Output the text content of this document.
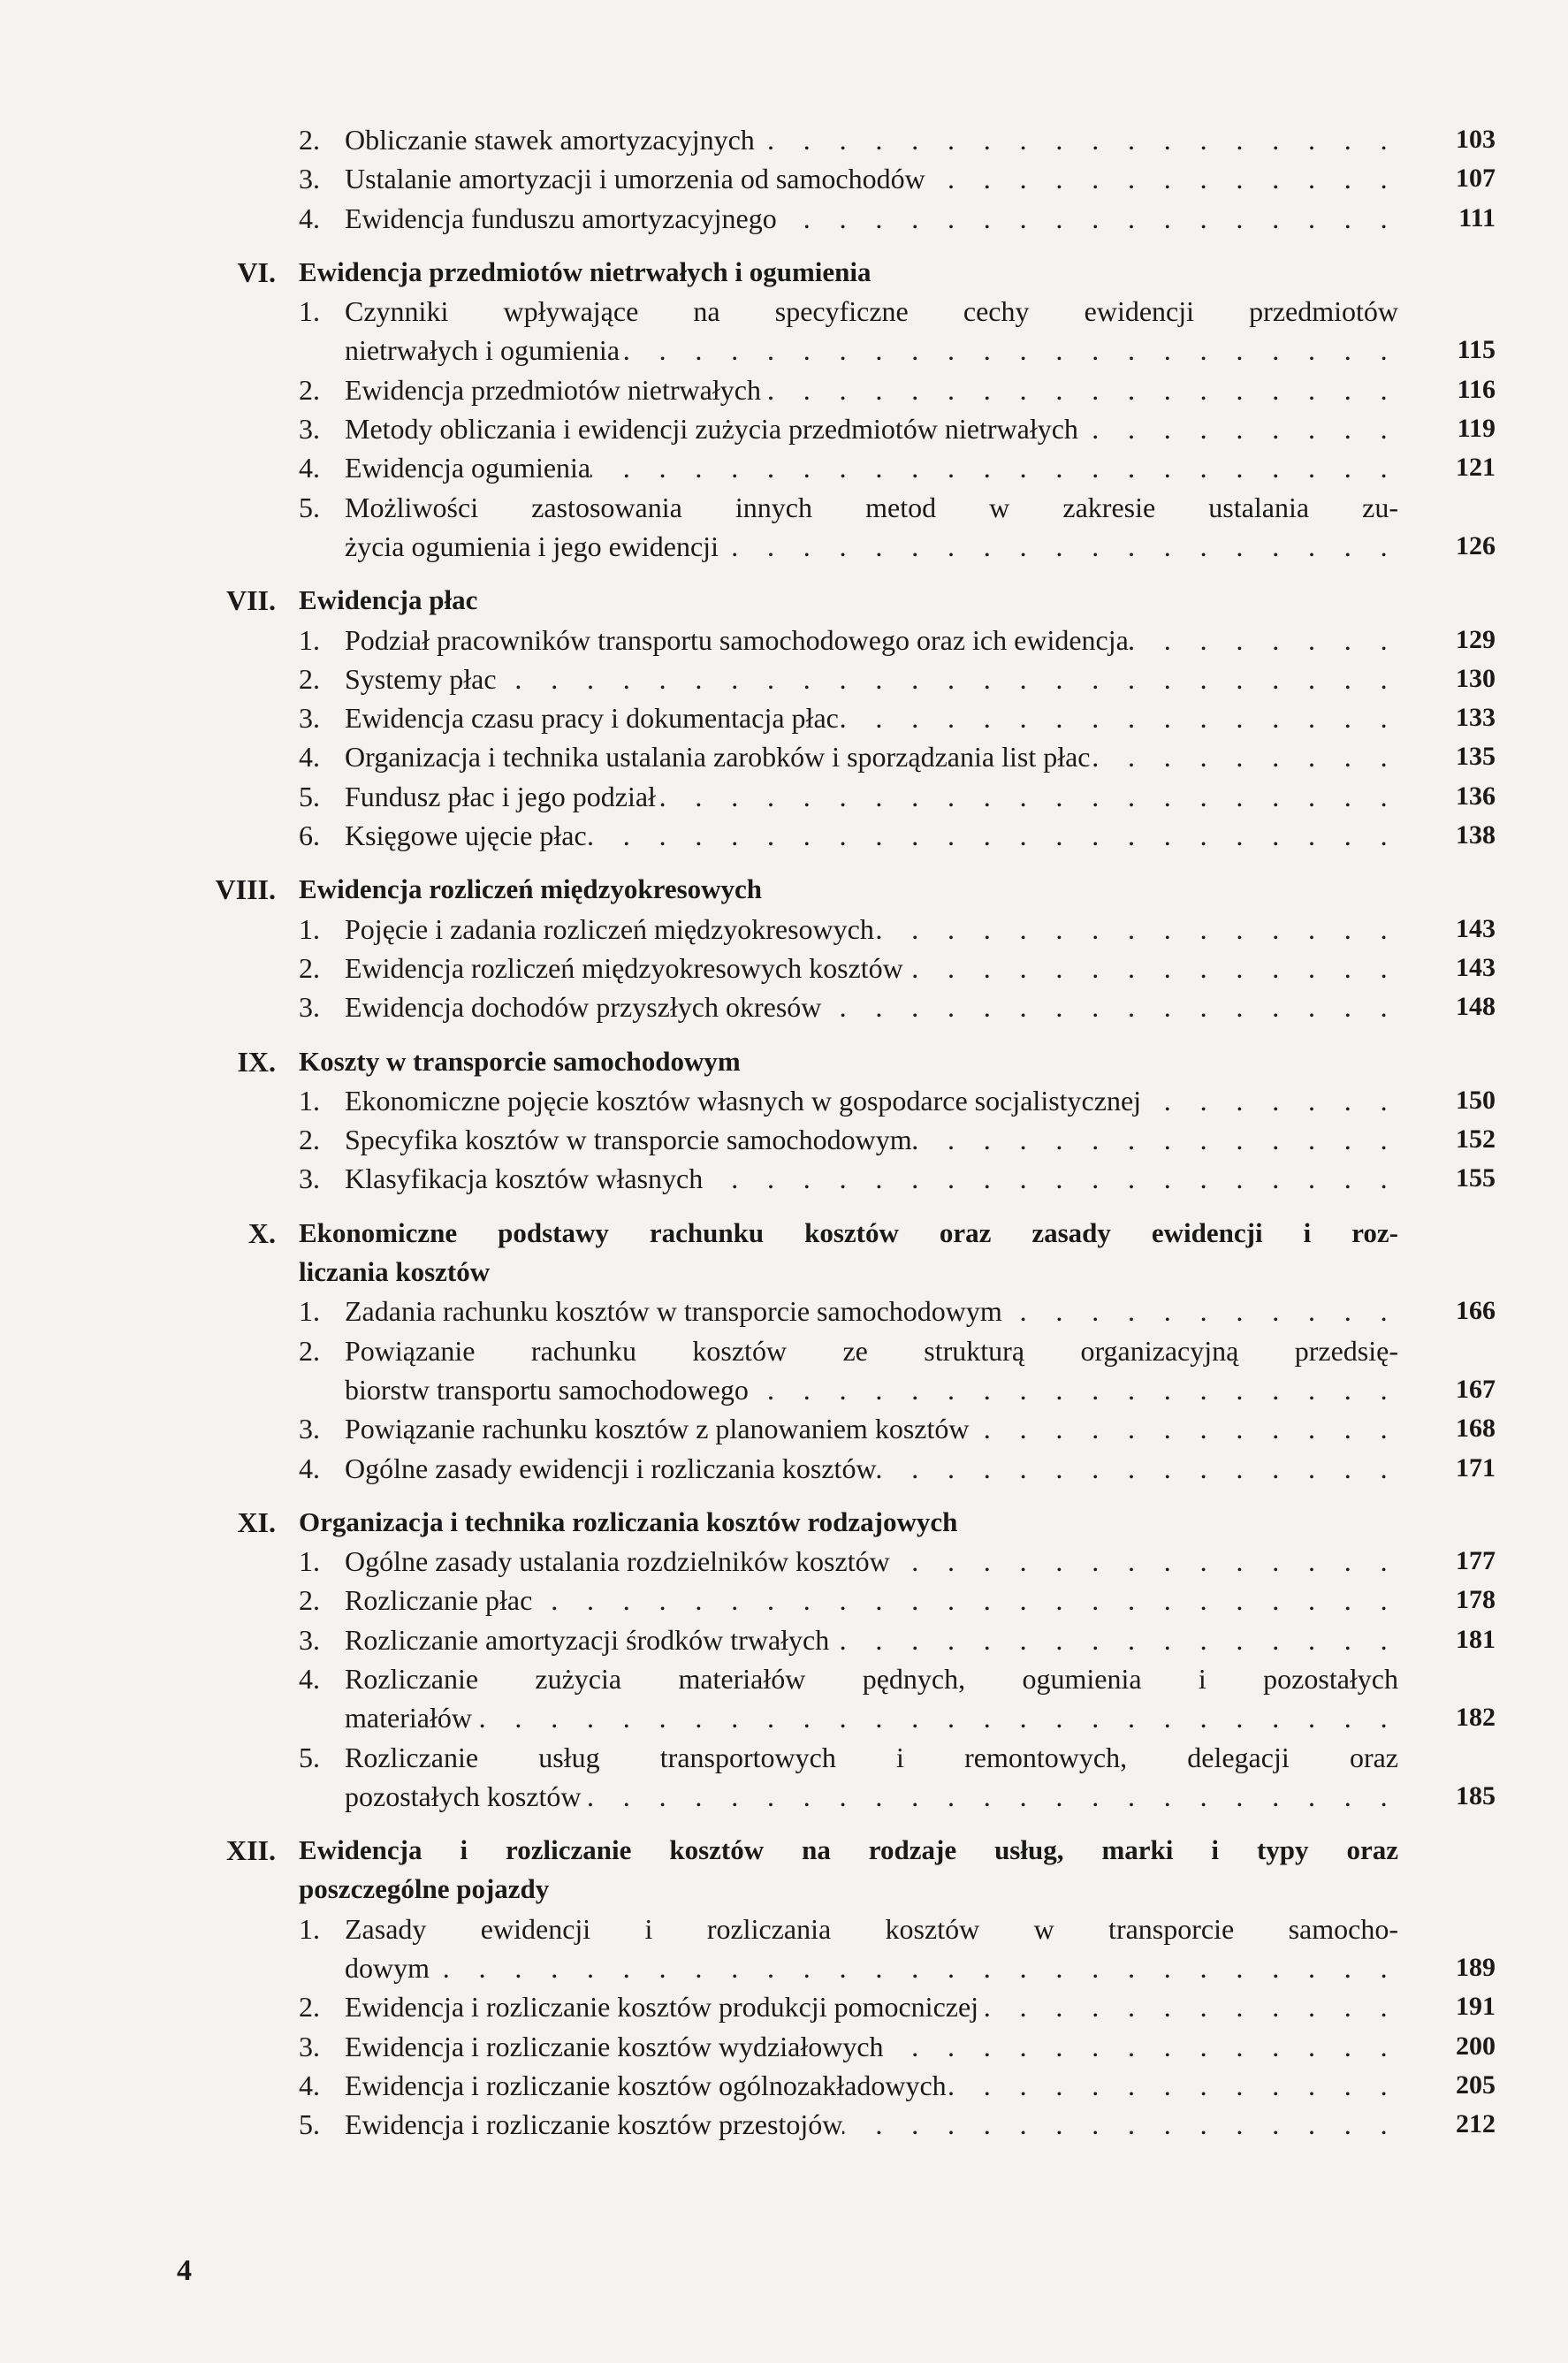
2. Obliczanie stawek amortyzacyjnych . . .	103
3. Ustalanie amortyzacji i umorzenia od samochodów . . .	107
4. Ewidencja funduszu amortyzacyjnego . . .	111
VI. Ewidencja przedmiotów nietrwałych i ogumienia
1. Czynniki wpływające na specyficzne cechy ewidencji przedmiotów
nietrwałych i ogumienia . . .	115
2. Ewidencja przedmiotów nietrwałych . . .	116
3. Metody obliczania i ewidencji zużycia przedmiotów nietrwałych . . .	119
4. Ewidencja ogumienia . . .	121
5. Możliwości zastosowania innych metod w zakresie ustalania zu-
życia ogumienia i jego ewidencji . . .	126
VII. Ewidencja płac
1. Podział pracowników transportu samochodowego oraz ich ewidencja . . .	129
2. Systemy płac . . .	130
3. Ewidencja czasu pracy i dokumentacja płac . . .	133
4. Organizacja i technika ustalania zarobków i sporządzania list płac . . .	135
5. Fundusz płac i jego podział . . .	136
6. Księgowe ujęcie płac . . .	138
VIII. Ewidencja rozliczeń międzyokresowych
1. Pojęcie i zadania rozliczeń międzyokresowych . . .	143
2. Ewidencja rozliczeń międzyokresowych kosztów . . .	143
3. Ewidencja dochodów przyszłych okresów . . .	148
IX. Koszty w transporcie samochodowym
1. Ekonomiczne pojęcie kosztów własnych w gospodarce socjalistycznej . . .	150
2. Specyfika kosztów w transporcie samochodowym . . .	152
3. Klasyfikacja kosztów własnych . . .	155
X. Ekonomiczne podstawy rachunku kosztów oraz zasady ewidencji i roz-
liczania kosztów
1. Zadania rachunku kosztów w transporcie samochodowym . . .	166
2. Powiązanie rachunku kosztów ze strukturą organizacyjną przedsię-
biorstw transportu samochodowego . . .	167
3. Powiązanie rachunku kosztów z planowaniem kosztów . . .	168
4. Ogólne zasady ewidencji i rozliczania kosztów . . .	171
XI. Organizacja i technika rozliczania kosztów rodzajowych
1. Ogólne zasady ustalania rozdzielników kosztów . . .	177
2. Rozliczanie płac . . .	178
3. Rozliczanie amortyzacji środków trwałych . . .	181
4. Rozliczanie zużycia materiałów pędnych, ogumienia i pozostałych
materiałów . . .	182
5. Rozliczanie usług transportowych i remontowych, delegacji oraz
pozostałych kosztów . . .	185
XII. Ewidencja i rozliczanie kosztów na rodzaje usług, marki i typy oraz
poszczególne pojazdy
1. Zasady ewidencji i rozliczania kosztów w transporcie samocho-
dowym . . .	189
2. Ewidencja i rozliczanie kosztów produkcji pomocniczej . . .	191
3. Ewidencja i rozliczanie kosztów wydziałowych . . .	200
4. Ewidencja i rozliczanie kosztów ogólnozakładowych . . .	205
5. Ewidencja i rozliczanie kosztów przestojów . . .	212
4
